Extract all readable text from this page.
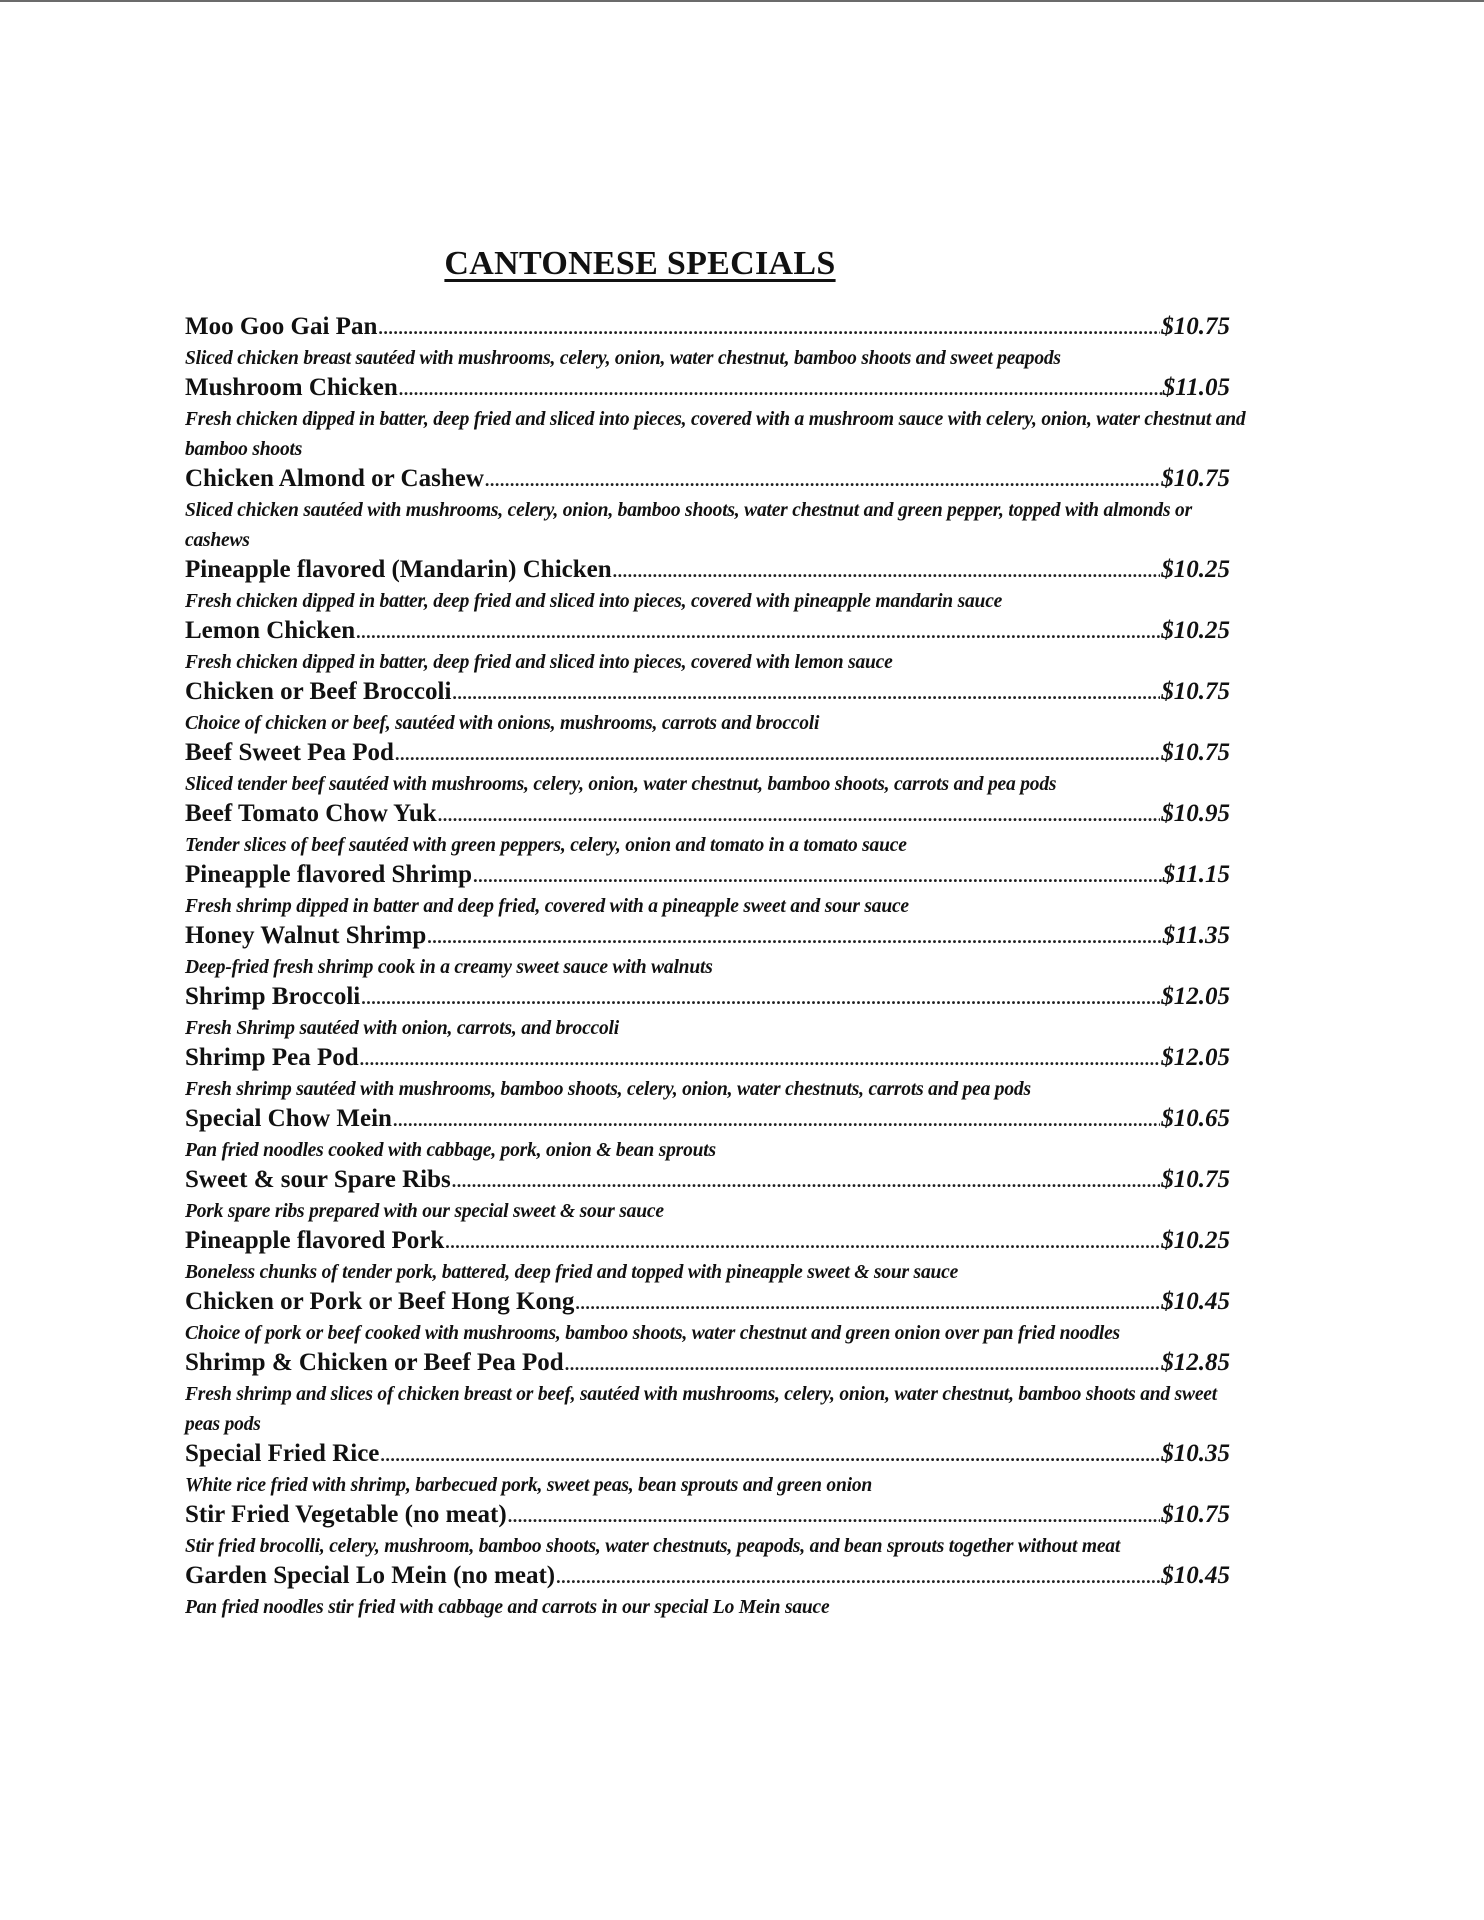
CANTONESE SPECIALS
Moo Goo Gai Pan .....	$10.75
Sliced chicken breast sautéed with mushrooms, celery, onion, water chestnut, bamboo shoots and sweet peapods
Mushroom Chicken .....	$11.05
Fresh chicken dipped in batter, deep fried and sliced into pieces, covered with a mushroom sauce with celery, onion, water chestnut and bamboo shoots
Chicken Almond or Cashew .....	$10.75
Sliced chicken sautéed with mushrooms, celery, onion, bamboo shoots, water chestnut and green pepper, topped with almonds or cashews
Pineapple flavored (Mandarin) Chicken .....	$10.25
Fresh chicken dipped in batter, deep fried and sliced into pieces, covered with pineapple mandarin sauce
Lemon Chicken .....	$10.25
Fresh chicken dipped in batter, deep fried and sliced into pieces, covered with lemon sauce
Chicken or Beef Broccoli .....	$10.75
Choice of chicken or beef, sautéed with onions, mushrooms, carrots and broccoli
Beef Sweet Pea Pod .....	$10.75
Sliced tender beef sautéed with mushrooms, celery, onion, water chestnut, bamboo shoots, carrots and pea pods
Beef Tomato Chow Yuk .....	$10.95
Tender slices of beef sautéed with green peppers, celery, onion and tomato in a tomato sauce
Pineapple flavored Shrimp .....	$11.15
Fresh shrimp dipped in batter and deep fried, covered with a pineapple sweet and sour sauce
Honey Walnut Shrimp .....	$11.35
Deep-fried fresh shrimp cook in a creamy sweet sauce with walnuts
Shrimp Broccoli .....	$12.05
Fresh Shrimp sautéed with onion, carrots, and broccoli
Shrimp Pea Pod .....	$12.05
Fresh shrimp sautéed with mushrooms, bamboo shoots, celery, onion, water chestnuts, carrots and pea pods
Special Chow Mein .....	$10.65
Pan fried noodles cooked with cabbage, pork, onion & bean sprouts
Sweet & sour Spare Ribs .....	$10.75
Pork spare ribs prepared with our special sweet & sour sauce
Pineapple flavored Pork .....	$10.25
Boneless chunks of tender pork, battered, deep fried and topped with pineapple sweet & sour sauce
Chicken or Pork or Beef Hong Kong .....	$10.45
Choice of pork or beef cooked with mushrooms, bamboo shoots, water chestnut and green onion over pan fried noodles
Shrimp & Chicken or Beef Pea Pod .....	$12.85
Fresh shrimp and slices of chicken breast or beef, sautéed with mushrooms, celery, onion, water chestnut, bamboo shoots and sweet peas pods
Special Fried Rice .....	$10.35
White rice fried with shrimp, barbecued pork, sweet peas, bean sprouts and green onion
Stir Fried Vegetable (no meat) .....	$10.75
Stir fried brocolli, celery, mushroom, bamboo shoots, water chestnuts, peapods, and bean sprouts together without meat
Garden Special Lo Mein (no meat) .....	$10.45
Pan fried noodles stir fried with cabbage and carrots in our special Lo Mein sauce
